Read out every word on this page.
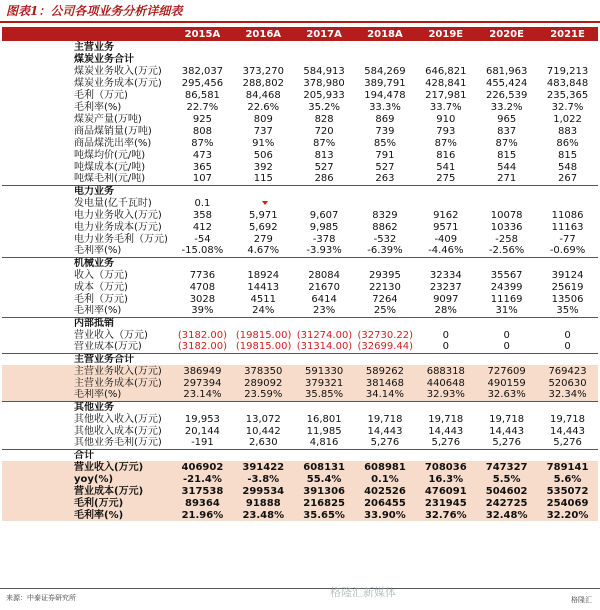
图表1：公司各项业务分析详细表
	2015A	2016A	2017A	2018A	2019E	2020E	2021E
主营业务							
煤炭业务合计							
煤炭业务收入(万元)	382,037	373,270	584,913	584,269	646,821	681,963	719,213
煤炭业务成本(万元)	295,456	288,802	378,980	389,791	428,841	455,424	483,848
毛利（万元)	86,581	84,468	205,933	194,478	217,981	226,539	235,365
毛利率(%)	22.7%	22.6%	35.2%	33.3%	33.7%	33.2%	32.7%
煤炭产量(万吨)	925	809	828	869	910	965	1,022
商品煤销量(万吨)	808	737	720	739	793	837	883
商品煤洗出率(%)	87%	91%	87%	85%	87%	87%	86%
吨煤均价(元/吨)	473	506	813	791	816	815	815
吨煤成本(元/吨)	365	392	527	527	541	544	548
吨煤毛利(元/吨)	107	115	286	263	275	271	267
电力业务							
发电量(亿千瓦时)	0.1						
电力业务收入(万元)	358	5,971	9,607	8329	9162	10078	11086
电力业务成本(万元)	412	5,692	9,985	8862	9571	10336	11163
电力业务毛利（万元)	-54	279	-378	-532	-409	-258	-77
毛利率(%)	-15.08%	4.67%	-3.93%	-6.39%	-4.46%	-2.56%	-0.69%
机械业务							
收入（万元)	7736	18924	28084	29395	32334	35567	39124
成本（万元)	4708	14413	21670	22130	23237	24399	25619
毛利（万元)	3028	4511	6414	7264	9097	11169	13506
毛利率(%)	39%	24%	23%	25%	28%	31%	35%
内部抵销							
营业收入（万元)	(3182.00)	(19815.00)	(31274.00)	(32730.22)	0	0	0
营业成本(万元)	(3182.00)	(19815.00)	(31314.00)	(32699.44)	0	0	0
主营业务合计							
主营业务收入(万元)	386949	378350	591330	589262	688318	727609	769423
主营业务成本(万元)	297394	289092	379321	381468	440648	490159	520630
毛利率(%)	23.14%	23.59%	35.85%	34.14%	32.93%	32.63%	32.34%
其他业务							
其他收入收入(万元)	19,953	13,072	16,801	19,718	19,718	19,718	19,718
其他收入成本(万元)	20,144	10,442	11,985	14,443	14,443	14,443	14,443
其他业务毛利(万元)	-191	2,630	4,816	5,276	5,276	5,276	5,276
合计							
营业收入(万元)	406902	391422	608131	608981	708036	747327	789141
yoy(%)	-21.4%	-3.8%	55.4%	0.1%	16.3%	5.5%	5.6%
营业成本(万元)	317538	299534	391306	402526	476091	504602	535072
毛利(万元)	89364	91888	216825	206455	231945	242725	254069
毛利率(%)	21.96%	23.48%	35.65%	33.90%	32.76%	32.48%	32.20%
来源：中泰证券研究所	格隆汇新媒体
格隆汇
